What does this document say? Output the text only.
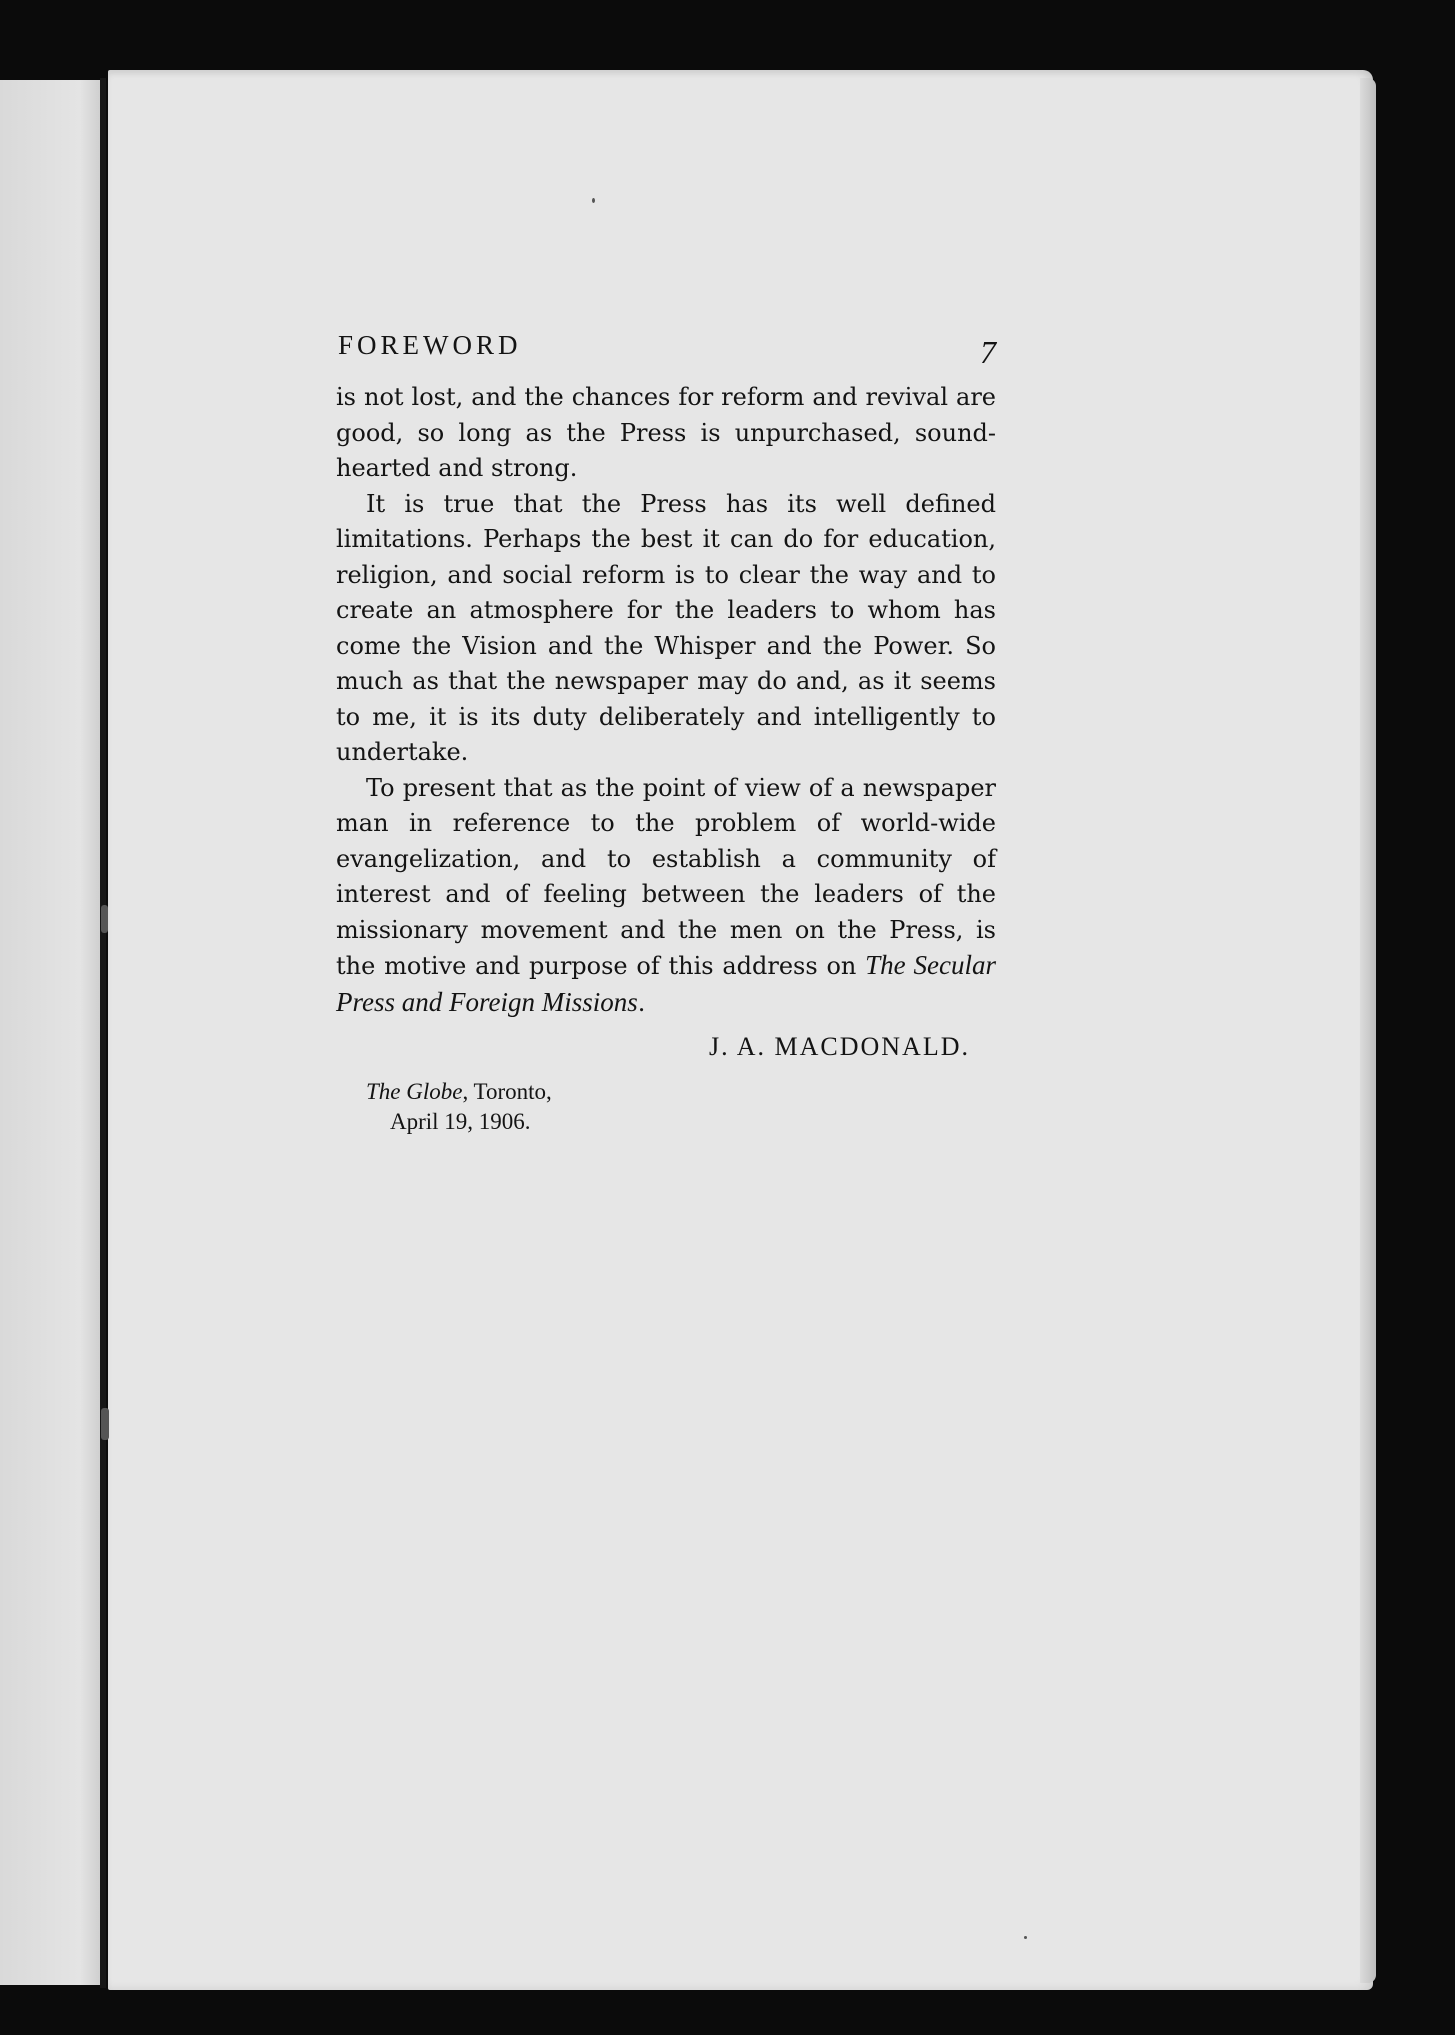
FOREWORD	7

is not lost, and the chances for reform and revival are good, so long as the Press is unpurchased, sound-hearted and strong.

It is true that the Press has its well defined limitations. Perhaps the best it can do for education, religion, and social reform is to clear the way and to create an atmosphere for the leaders to whom has come the Vision and the Whisper and the Power. So much as that the newspaper may do and, as it seems to me, it is its duty deliberately and intelligently to undertake.

To present that as the point of view of a newspaper man in reference to the problem of world-wide evangelization, and to establish a community of interest and of feeling between the leaders of the missionary movement and the men on the Press, is the motive and purpose of this address on The Secular Press and Foreign Missions.

J. A. MACDONALD.
The Globe, Toronto,
April 19, 1906.
